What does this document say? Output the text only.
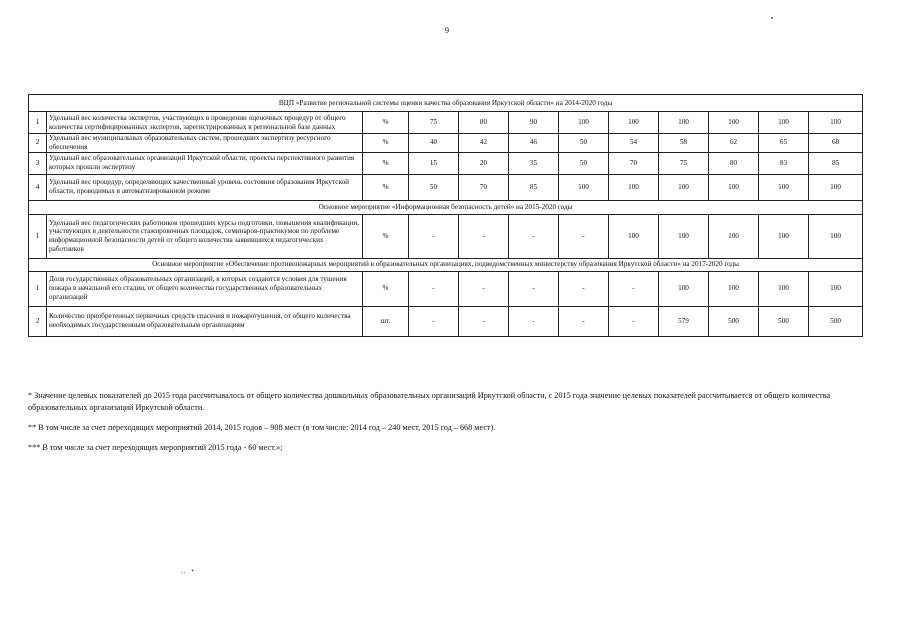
9
ВЦП «Развитие региональной системы оценки качества образования Иркутской области» на 2014-2020 годы											
1	Удельный вес количества экспертов, участвующих в проведении оценочных процедур от общего количества сертифицированных экспертов, зарегистрированных в региональной базе данных	%	75	80	90	100	100	100	100	100	100
2	Удельный вес муниципальных образовательных систем, прошедших экспертизу ресурсного обеспечения	%	40	42	46	50	54	58	62	65	68
3	Удельный вес образовательных организаций Иркутской области, проекты перспективного развития которых прошли экспертизу	%	15	20	35	50	70	75	80	83	85
4	Удельный вес процедур, определяющих качественный уровень состояния образования Иркутской области, проводимых в автоматизированном режиме	%	50	70	85	100	100	100	100	100	100
Основное мероприятие «Информационная безопасность детей» на 2015-2020 годы											
1	Удельный вес педагогических работников прошедших курсы подготовки, повышения квалификации, участвующих в деятельности стажировочных площадок, семинаров-практикумов по проблеме информационной безопасности детей от общего количества заявившихся педагогических работников	%	-	-	-	-	100	100	100	100	100
Основное мероприятие «Обеспечение противопожарных мероприятий в образовательных организациях, подведомственных министерству образования Иркутской области» на 2017-2020 годы											
1	Доля государственных образовательных организаций, в которых создаются условия для тушения пожара в начальной его стадии, от общего количества государственных образовательных организаций	%	-	-	-	-	-	100	100	100	100
2	Количество приобретенных первичных средств спасения и пожаротушения, от общего количества необходимых государственным образовательным организациям	шт.	-	-	-	-	-	579	500	500	500

* Значение целевых показателей до 2015 года рассчитывалось от общего количества дошкольных образовательных организаций Иркутской области, с 2015 года значение целевых показателей рассчитывается от общего количества образовательных организаций Иркутской области.

** В том числе за счет переходящих мероприятий 2014, 2015 годов – 908 мест (в том числе: 2014 год – 240 мест, 2015 год – 668 мест).

*** В том числе за счет переходящих мероприятий 2015 года - 60 мест.»;

‥ •
